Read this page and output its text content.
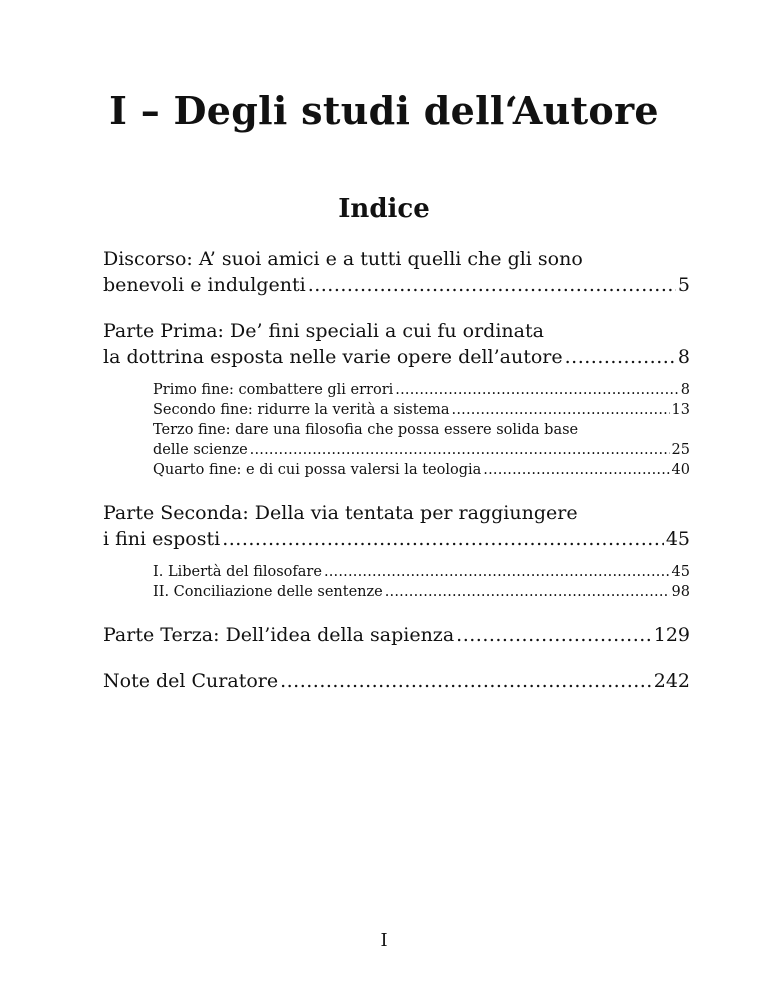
I – Degli studi dell‘Autore
Indice
Discorso: A’ suoi amici e a tutti quelli che gli sono
benevoli e indulgenti .....	5
Parte Prima: De’ fini speciali a cui fu ordinata
la dottrina esposta nelle varie opere dell’autore .....	8
Primo fine: combattere gli errori .....	8
Secondo fine: ridurre la verità a sistema .....	13
Terzo fine: dare una filosofia che possa essere solida base
delle scienze .....	25
Quarto fine: e di cui possa valersi la teologia .....	40
Parte Seconda: Della via tentata per raggiungere
i fini esposti .....	45
I. Libertà del filosofare .....	45
II. Conciliazione delle sentenze .....	98
Parte Terza: Dell’idea della sapienza .....	129
Note del Curatore .....	242
I
